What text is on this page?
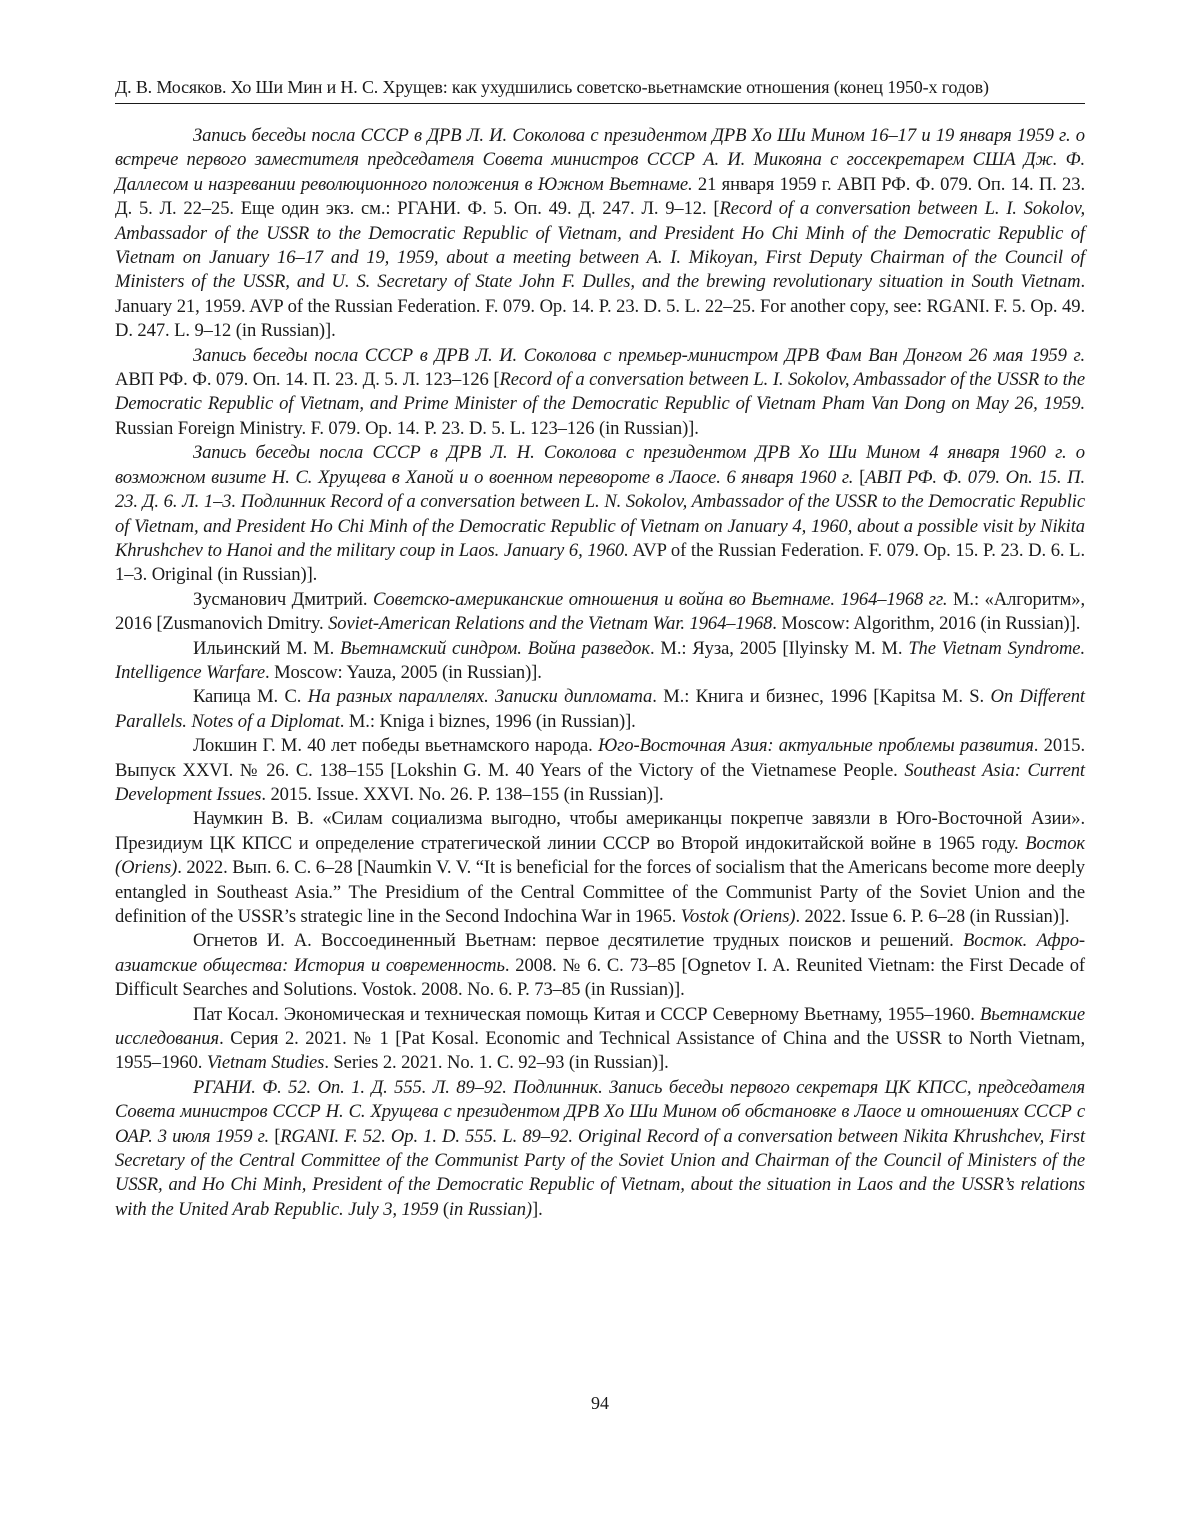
Д. В. Мосяков. Хо Ши Мин и Н. С. Хрущев: как ухудшились советско-вьетнамские отношения (конец 1950-х годов)

Запись беседы посла СССР в ДРВ Л. И. Соколова с президентом ДРВ Хо Ши Мином 16–17 и 19 января 1959 г. о встрече первого заместителя председателя Совета министров СССР А. И. Микояна с госсекретарем США Дж. Ф. Даллесом и назревании революционного положения в Южном Вьетнаме. 21 января 1959 г. АВП РФ. Ф. 079. Оп. 14. П. 23. Д. 5. Л. 22–25. Еще один экз. см.: РГАНИ. Ф. 5. Оп. 49. Д. 247. Л. 9–12. [Record of a conversation between L. I. Sokolov, Ambassador of the USSR to the Democratic Republic of Vietnam, and President Ho Chi Minh of the Democratic Republic of Vietnam on January 16–17 and 19, 1959, about a meeting between A. I. Mikoyan, First Deputy Chairman of the Council of Ministers of the USSR, and U. S. Secretary of State John F. Dulles, and the brewing revolutionary situation in South Vietnam. January 21, 1959. AVP of the Russian Federation. F. 079. Op. 14. P. 23. D. 5. L. 22–25. For another copy, see: RGANI. F. 5. Op. 49. D. 247. L. 9–12 (in Russian)].

Запись беседы посла СССР в ДРВ Л. И. Соколова с премьер-министром ДРВ Фам Ван Донгом 26 мая 1959 г. АВП РФ. Ф. 079. Оп. 14. П. 23. Д. 5. Л. 123–126 [Record of a conversation between L. I. Sokolov, Ambassador of the USSR to the Democratic Republic of Vietnam, and Prime Minister of the Democratic Republic of Vietnam Pham Van Dong on May 26, 1959. Russian Foreign Ministry. F. 079. Op. 14. P. 23. D. 5. L. 123–126 (in Russian)].

Запись беседы посла СССР в ДРВ Л. Н. Соколова с президентом ДРВ Хо Ши Мином 4 января 1960 г. о возможном визите Н. С. Хрущева в Ханой и о военном перевороте в Лаосе. 6 января 1960 г. [АВП РФ. Ф. 079. Оп. 15. П. 23. Д. 6. Л. 1–3. Подлинник Record of a conversation between L. N. Sokolov, Ambassador of the USSR to the Democratic Republic of Vietnam, and President Ho Chi Minh of the Democratic Republic of Vietnam on January 4, 1960, about a possible visit by Nikita Khrushchev to Hanoi and the military coup in Laos. January 6, 1960. AVP of the Russian Federation. F. 079. Op. 15. P. 23. D. 6. L. 1–3. Original (in Russian)].

Зусманович Дмитрий. Советско-американские отношения и война во Вьетнаме. 1964–1968 гг. М.: «Алгоритм», 2016 [Zusmanovich Dmitry. Soviet-American Relations and the Vietnam War. 1964–1968. Moscow: Algorithm, 2016 (in Russian)].

Ильинский М. М. Вьетнамский синдром. Война разведок. М.: Яуза, 2005 [Ilyinsky M. M. The Vietnam Syndrome. Intelligence Warfare. Moscow: Yauza, 2005 (in Russian)].

Капица М. С. На разных параллелях. Записки дипломата. М.: Книга и бизнес, 1996 [Kapitsa M. S. On Different Parallels. Notes of a Diplomat. M.: Kniga i biznes, 1996 (in Russian)].

Локшин Г. М. 40 лет победы вьетнамского народа. Юго-Восточная Азия: актуальные проблемы развития. 2015. Выпуск XXVI. № 26. С. 138–155 [Lokshin G. M. 40 Years of the Victory of the Vietnamese People. Southeast Asia: Current Development Issues. 2015. Issue. XXVI. No. 26. P. 138–155 (in Russian)].

Наумкин В. В. «Силам социализма выгодно, чтобы американцы покрепче завязли в Юго-Восточной Азии». Президиум ЦК КПСС и определение стратегической линии СССР во Второй индокитайской войне в 1965 году. Восток (Oriens). 2022. Вып. 6. С. 6–28 [Naumkin V. V. “It is beneficial for the forces of socialism that the Americans become more deeply entangled in Southeast Asia.” The Presidium of the Central Committee of the Communist Party of the Soviet Union and the definition of the USSR’s strategic line in the Second Indochina War in 1965. Vostok (Oriens). 2022. Issue 6. P. 6–28 (in Russian)].

Огнетов И. А. Воссоединенный Вьетнам: первое десятилетие трудных поисков и решений. Восток. Афро-азиатские общества: История и современность. 2008. № 6. С. 73–85 [Ognetov I. A. Reunited Vietnam: the First Decade of Difficult Searches and Solutions. Vostok. 2008. No. 6. P. 73–85 (in Russian)].

Пат Косал. Экономическая и техническая помощь Китая и СССР Северному Вьетнаму, 1955–1960. Вьетнамские исследования. Серия 2. 2021. № 1 [Pat Kosal. Economic and Technical Assistance of China and the USSR to North Vietnam, 1955–1960. Vietnam Studies. Series 2. 2021. No. 1. C. 92–93 (in Russian)].

РГАНИ. Ф. 52. Оп. 1. Д. 555. Л. 89–92. Подлинник. Запись беседы первого секретаря ЦК КПСС, председателя Совета министров СССР Н. С. Хрущева с президентом ДРВ Хо Ши Мином об обстановке в Лаосе и отношениях СССР с ОАР. 3 июля 1959 г. [RGANI. F. 52. Op. 1. D. 555. L. 89–92. Original Record of a conversation between Nikita Khrushchev, First Secretary of the Central Committee of the Communist Party of the Soviet Union and Chairman of the Council of Ministers of the USSR, and Ho Chi Minh, President of the Democratic Republic of Vietnam, about the situation in Laos and the USSR’s relations with the United Arab Republic. July 3, 1959 (in Russian)].

94
